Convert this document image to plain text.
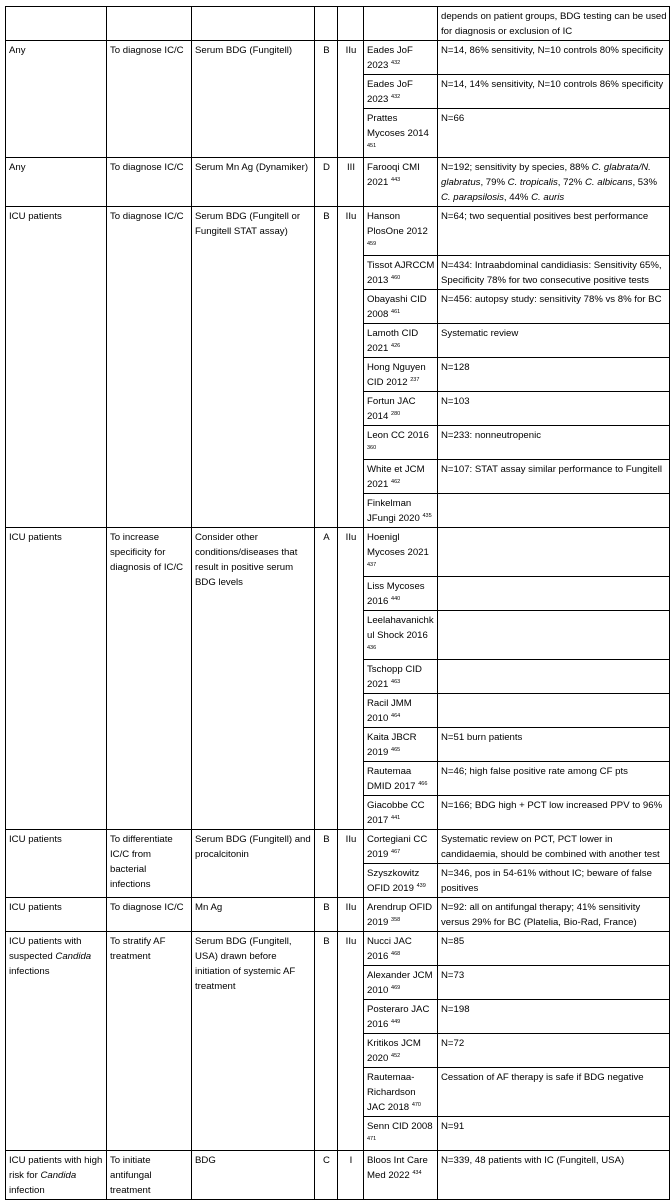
						depends on patient groups, BDG testing can be used for diagnosis or exclusion of IC
Any	To diagnose IC/C	Serum BDG (Fungitell)	B	IIu	Eades JoF 2023 $^{432}$	N=14, 86% sensitivity, N=10 controls 80% specificity
					Eades JoF 2023 $^{432}$	N=14, 14% sensitivity, N=10 controls 86% specificity
					Prattes Mycoses 2014 $^{451}$	N=66
Any	To diagnose IC/C	Serum Mn Ag (Dynamiker)	D	III	Farooqi CMI 2021 $^{443}$	N=192; sensitivity by species, 88% C. glabrata/N. glabratus, 79% C. tropicalis, 72% C. albicans, 53% C. parapsilosis, 44% C. auris
ICU patients	To diagnose IC/C	Serum BDG (Fungitell or Fungitell STAT assay)	B	IIu	Hanson PlosOne 2012 $^{459}$	N=64; two sequential positives best performance
					Tissot AJRCCM 2013 $^{460}$	N=434: Intraabdominal candidiasis: Sensitivity 65%, Specificity 78% for two consecutive positive tests
					Obayashi CID 2008 $^{461}$	N=456: autopsy study: sensitivity 78% vs 8% for BC
					Lamoth CID 2021 $^{426}$	Systematic review
					Hong Nguyen CID 2012 $^{237}$	N=128
					Fortun JAC 2014 $^{280}$	N=103
					Leon CC 2016 $^{360}$	N=233: nonneutropenic
					White et JCM 2021 $^{462}$	N=107: STAT assay similar performance to Fungitell
					Finkelman JFungi 2020 $^{435}$	
ICU patients	To increase specificity for diagnosis of IC/C	Consider other conditions/diseases that result in positive serum BDG levels	A	IIu	Hoenigl Mycoses 2021 $^{437}$	
					Liss Mycoses 2016 $^{440}$	
					Leelahavanichkul Shock 2016 $^{436}$	
					Tschopp CID 2021 $^{463}$	
					Racil JMM 2010 $^{464}$	
					Kaita JBCR 2019 $^{465}$	N=51 burn patients
					Rautemaa DMID 2017 $^{466}$	N=46; high false positive rate among CF pts
					Giacobbe CC 2017 $^{441}$	N=166; BDG high + PCT low increased PPV to 96%
ICU patients	To differentiate IC/C from bacterial infections	Serum BDG (Fungitell) and procalcitonin	B	IIu	Cortegiani CC 2019 $^{467}$	Systematic review on PCT, PCT lower in candidaemia, should be combined with another test
					Szyszkowitz OFID 2019 $^{439}$	N=346, pos in 54-61% without IC; beware of false positives
ICU patients	To diagnose IC/C	Mn Ag	B	IIu	Arendrup OFID 2019 $^{358}$	N=92: all on antifungal therapy; 41% sensitivity versus 29% for BC (Platelia, Bio-Rad, France)
ICU patients with suspected Candida infections	To stratify AF treatment	Serum BDG (Fungitell, USA) drawn before initiation of systemic AF treatment	B	IIu	Nucci JAC 2016 $^{468}$	N=85
					Alexander JCM 2010 $^{469}$	N=73
					Posteraro JAC 2016 $^{449}$	N=198
					Kritikos JCM 2020 $^{452}$	N=72
					Rautemaa-Richardson JAC 2018 $^{470}$	Cessation of AF therapy is safe if BDG negative
					Senn CID 2008 $^{471}$	N=91
ICU patients with high risk for Candida infection	To initiate antifungal treatment	BDG	C	I	Bloos Int Care Med 2022 $^{434}$	N=339, 48 patients with IC (Fungitell, USA)
